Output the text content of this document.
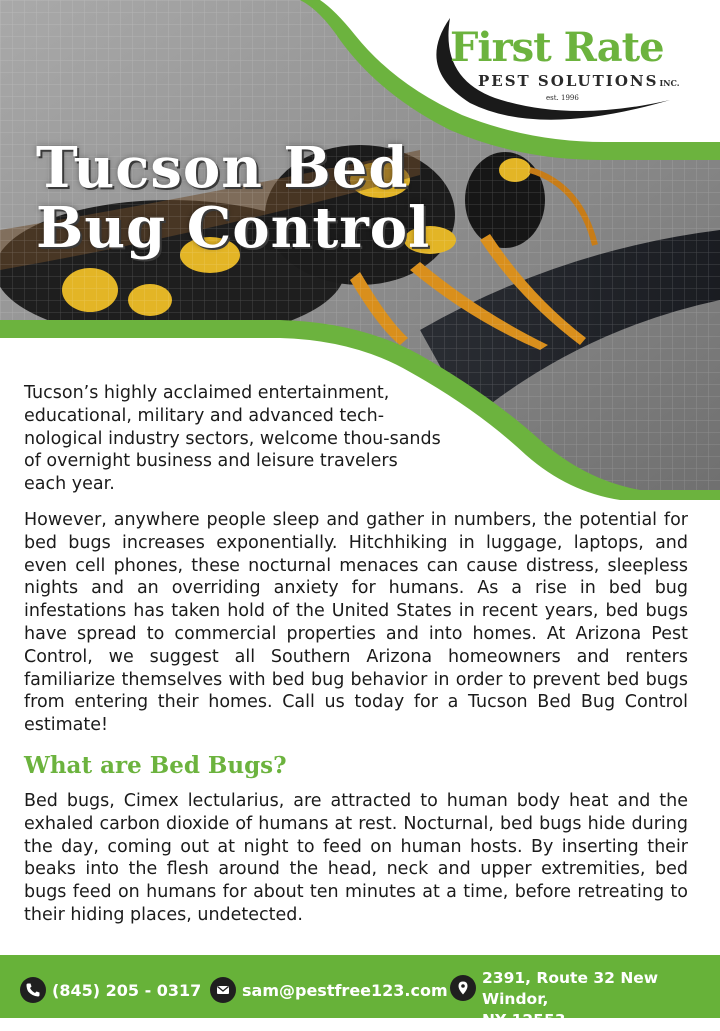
Tucson Bed Bug Control
First Rate
PEST SOLUTIONSINC.
est. 1996

Tucson’s highly acclaimed entertainment, educational, military and advanced tech-nological industry sectors, welcome thou-sands of overnight business and leisure travelers each year.

However, anywhere people sleep and gather in numbers, the potential for bed bugs increases exponentially. Hitchhiking in luggage, laptops, and even cell phones, these nocturnal menaces can cause distress, sleepless nights and an overriding anxiety for humans. As a rise in bed bug infestations has taken hold of the United States in recent years, bed bugs have spread to commercial properties and into homes. At Arizona Pest Control, we suggest all Southern Arizona homeowners and renters familiarize themselves with bed bug behavior in order to prevent bed bugs from entering their homes. Call us today for a Tucson Bed Bug Control estimate!

What are Bed Bugs?

Bed bugs, Cimex lectularius, are attracted to human body heat and the exhaled carbon dioxide of humans at rest. Nocturnal, bed bugs hide during the day, coming out at night to feed on human hosts. By inserting their beaks into the flesh around the head, neck and upper extremities, bed bugs feed on humans for about ten minutes at a time, before retreating to their hiding places, undetected.

(845) 205 - 0317	sam@pestfree123.com
2391, Route 32 New Windor,
NY 12553
